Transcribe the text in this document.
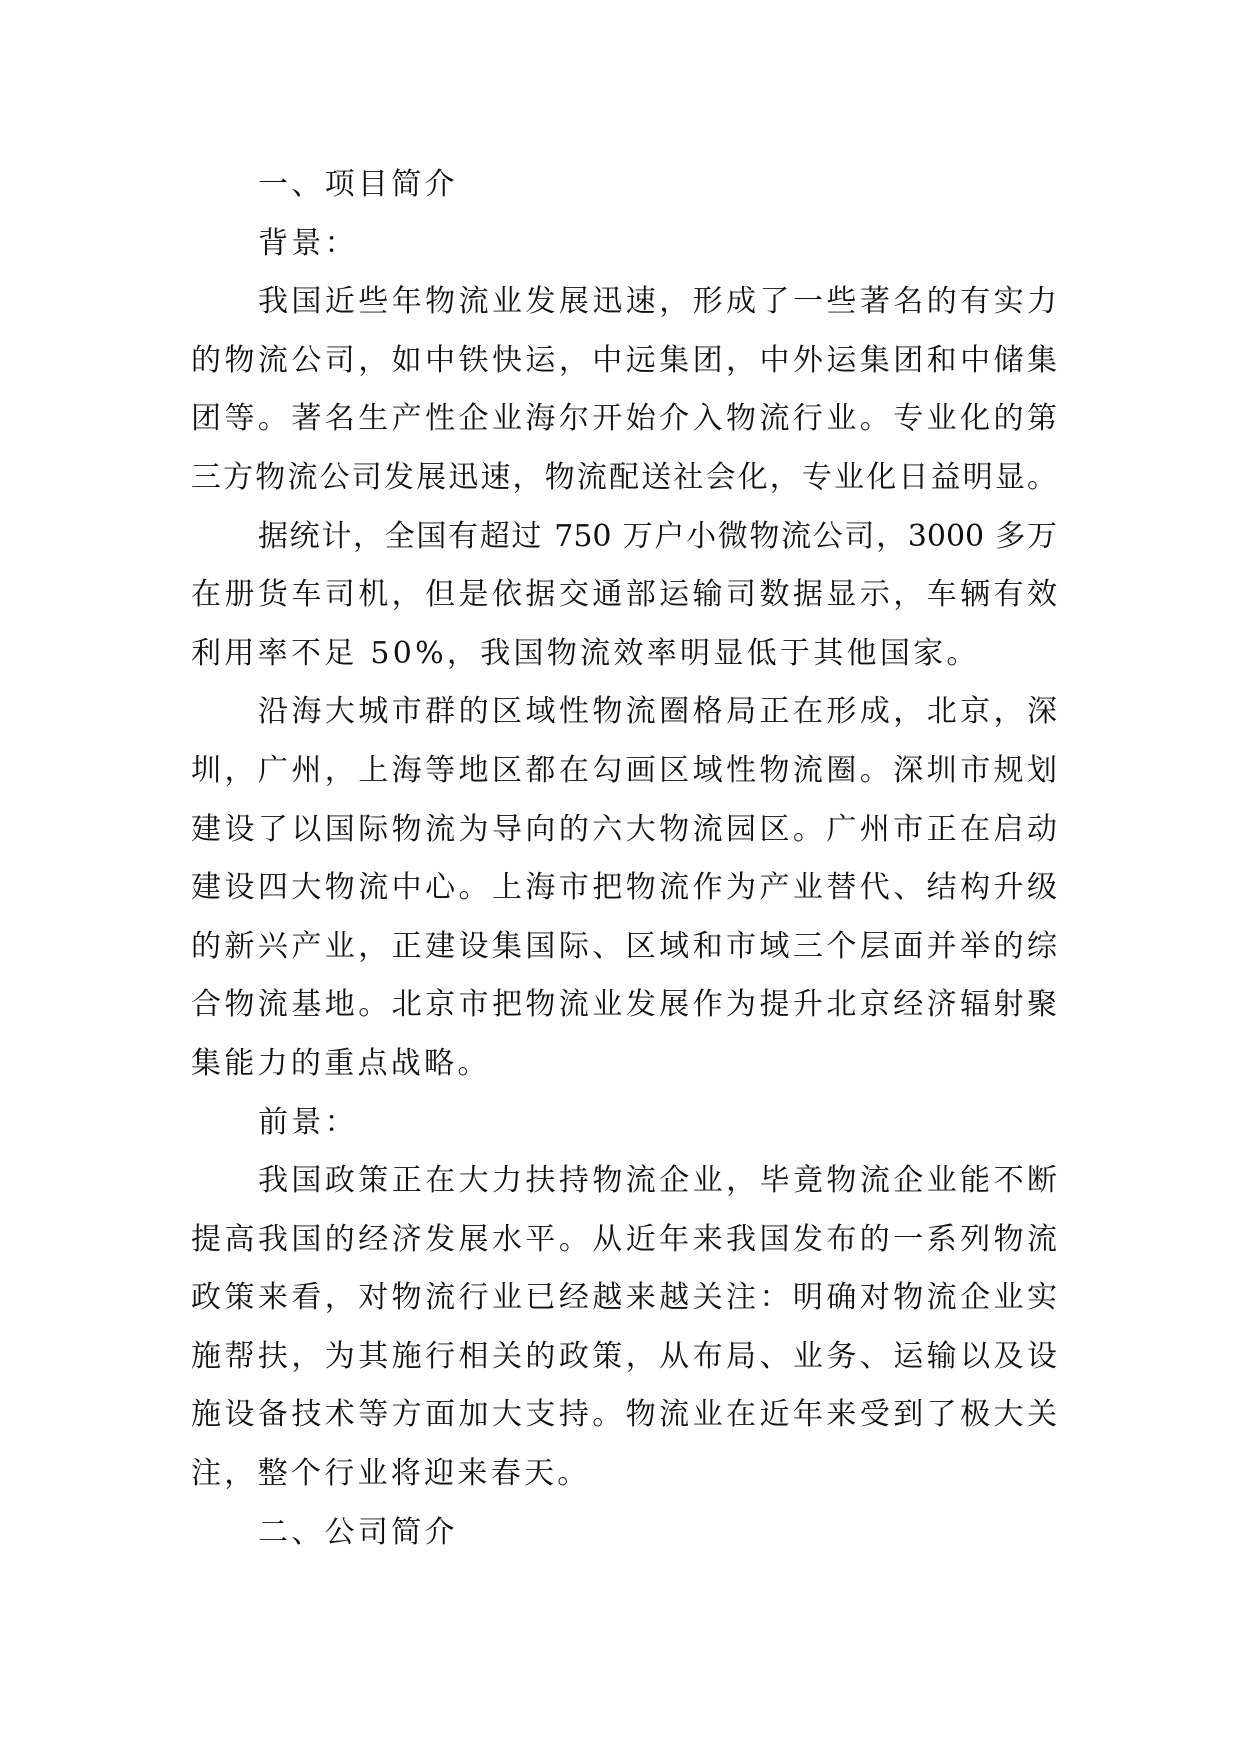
一、项目简介
背景：
我国近些年物流业发展迅速，形成了一些著名的有实力
的物流公司，如中铁快运，中远集团，中外运集团和中储集
团等。著名生产性企业海尔开始介入物流行业。专业化的第
三方物流公司发展迅速，物流配送社会化，专业化日益明显。
据统计，全国有超过 750 万户小微物流公司，3000 多万
在册货车司机，但是依据交通部运输司数据显示，车辆有效
利用率不足 50%，我国物流效率明显低于其他国家。
沿海大城市群的区域性物流圈格局正在形成，北京，深
圳，广州，上海等地区都在勾画区域性物流圈。深圳市规划
建设了以国际物流为导向的六大物流园区。广州市正在启动
建设四大物流中心。上海市把物流作为产业替代、结构升级
的新兴产业，正建设集国际、区域和市域三个层面并举的综
合物流基地。北京市把物流业发展作为提升北京经济辐射聚
集能力的重点战略。
前景：
我国政策正在大力扶持物流企业，毕竟物流企业能不断
提高我国的经济发展水平。从近年来我国发布的一系列物流
政策来看，对物流行业已经越来越关注：明确对物流企业实
施帮扶，为其施行相关的政策，从布局、业务、运输以及设
施设备技术等方面加大支持。物流业在近年来受到了极大关
注，整个行业将迎来春天。
二、公司简介
